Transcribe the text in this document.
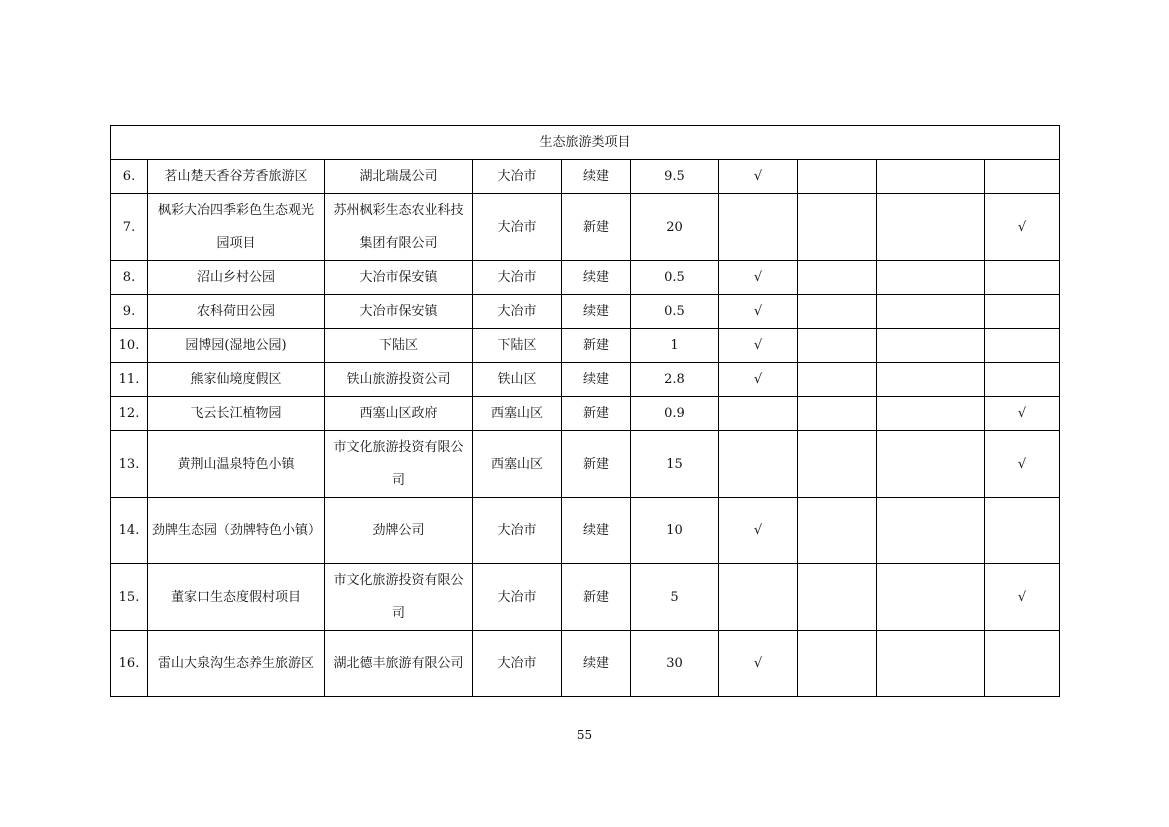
生态旅游类项目									
6.	茗山楚天香谷芳香旅游区	湖北瑞晟公司	大冶市	续建	9.5	√			
7.	枫彩大冶四季彩色生态观光园项目	苏州枫彩生态农业科技集团有限公司	大冶市	新建	20				√
8.	沼山乡村公园	大冶市保安镇	大冶市	续建	0.5	√			
9.	农科荷田公园	大冶市保安镇	大冶市	续建	0.5	√			
10.	园博园(湿地公园)	下陆区	下陆区	新建	1	√			
11.	熊家仙境度假区	铁山旅游投资公司	铁山区	续建	2.8	√			
12.	飞云长江植物园	西塞山区政府	西塞山区	新建	0.9				√
13.	黄荆山温泉特色小镇	市文化旅游投资有限公司	西塞山区	新建	15				√
14.	劲牌生态园（劲牌特色小镇）	劲牌公司	大冶市	续建	10	√			
15.	董家口生态度假村项目	市文化旅游投资有限公司	大冶市	新建	5				√
16.	雷山大泉沟生态养生旅游区	湖北德丰旅游有限公司	大冶市	续建	30	√			
55
